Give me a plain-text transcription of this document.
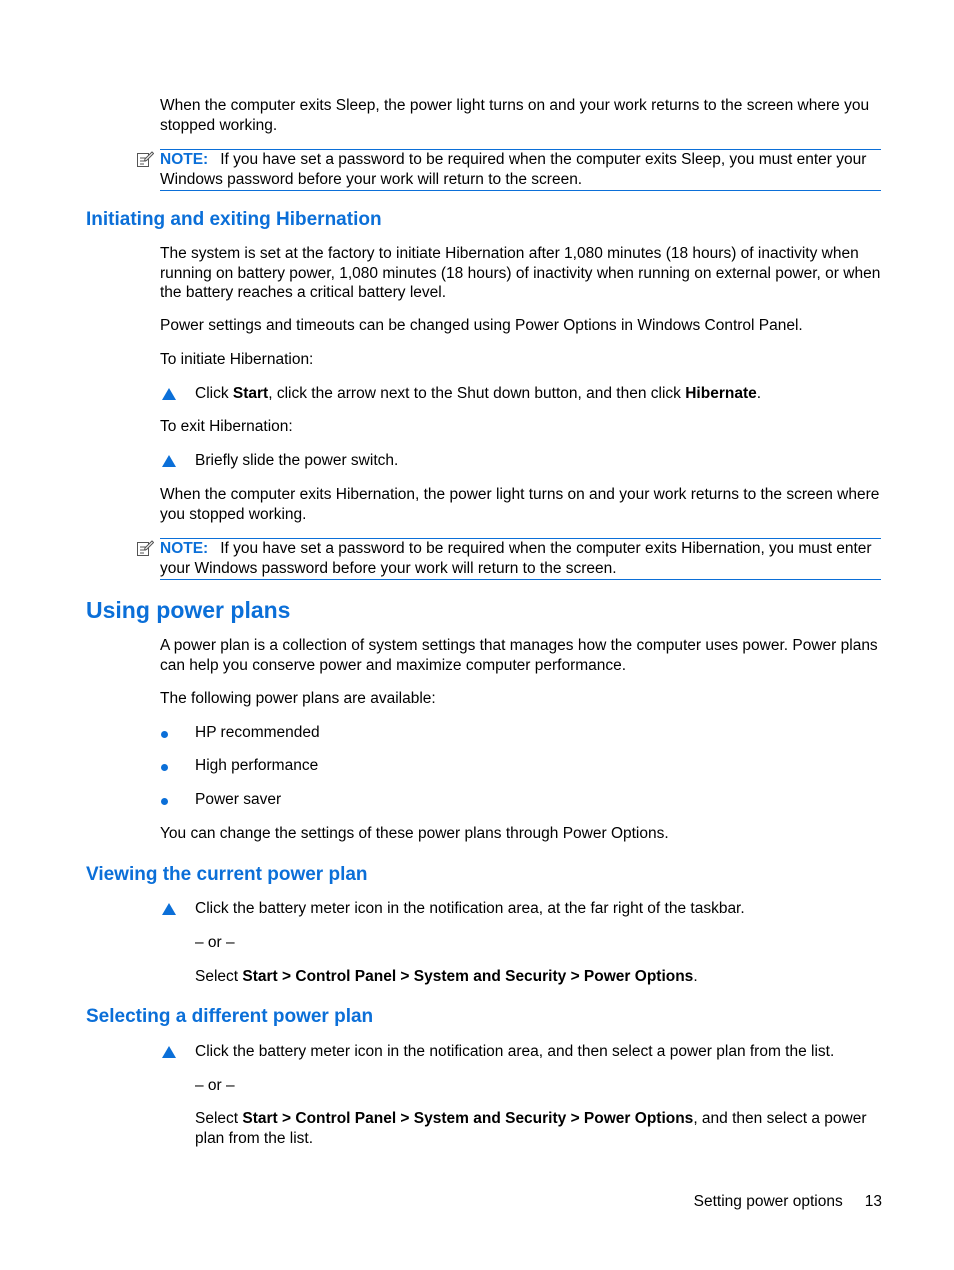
When the computer exits Sleep, the power light turns on and your work returns to the screen where you stopped working.
NOTE: If you have set a password to be required when the computer exits Sleep, you must enter your Windows password before your work will return to the screen.
Initiating and exiting Hibernation
The system is set at the factory to initiate Hibernation after 1,080 minutes (18 hours) of inactivity when running on battery power, 1,080 minutes (18 hours) of inactivity when running on external power, or when the battery reaches a critical battery level.
Power settings and timeouts can be changed using Power Options in Windows Control Panel.
To initiate Hibernation:
Click Start, click the arrow next to the Shut down button, and then click Hibernate.
To exit Hibernation:
Briefly slide the power switch.
When the computer exits Hibernation, the power light turns on and your work returns to the screen where you stopped working.
NOTE: If you have set a password to be required when the computer exits Hibernation, you must enter your Windows password before your work will return to the screen.
Using power plans
A power plan is a collection of system settings that manages how the computer uses power. Power plans can help you conserve power and maximize computer performance.
The following power plans are available:
HP recommended
High performance
Power saver
You can change the settings of these power plans through Power Options.
Viewing the current power plan
Click the battery meter icon in the notification area, at the far right of the taskbar.
– or –
Select Start > Control Panel > System and Security > Power Options.
Selecting a different power plan
Click the battery meter icon in the notification area, and then select a power plan from the list.
– or –
Select Start > Control Panel > System and Security > Power Options, and then select a power plan from the list.
Setting power options 13
